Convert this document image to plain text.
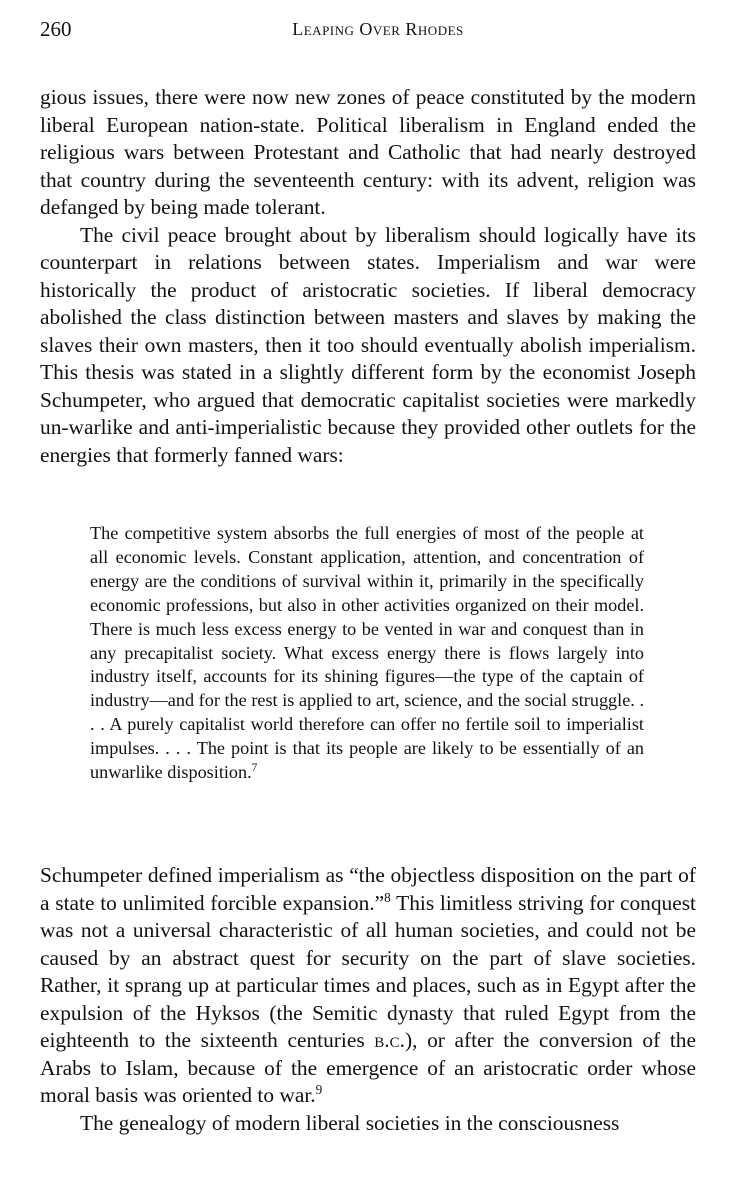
260	Leaping Over Rhodes

gious issues, there were now new zones of peace constituted by the modern liberal European nation-state. Political liberalism in England ended the religious wars between Protestant and Catholic that had nearly destroyed that country during the seventeenth century: with its advent, religion was defanged by being made tolerant.

The civil peace brought about by liberalism should logically have its counterpart in relations between states. Imperialism and war were historically the product of aristocratic societies. If liberal democracy abolished the class distinction between masters and slaves by making the slaves their own masters, then it too should eventually abolish imperialism. This thesis was stated in a slightly different form by the economist Joseph Schumpeter, who argued that democratic capitalist societies were markedly un-warlike and anti-imperialistic because they provided other outlets for the energies that formerly fanned wars:

The competitive system absorbs the full energies of most of the people at all economic levels. Constant application, attention, and concentration of energy are the conditions of survival within it, primarily in the specifically economic professions, but also in other activities organized on their model. There is much less excess energy to be vented in war and conquest than in any precapitalist society. What excess energy there is flows largely into industry itself, accounts for its shining figures—the type of the captain of industry—and for the rest is applied to art, science, and the social struggle. . . . A purely capitalist world therefore can offer no fertile soil to imperialist impulses. . . . The point is that its people are likely to be essentially of an unwarlike disposition.$^7$

Schumpeter defined imperialism as “the objectless disposition on the part of a state to unlimited forcible expansion.”$^8$ This limitless striving for conquest was not a universal characteristic of all human societies, and could not be caused by an abstract quest for security on the part of slave societies. Rather, it sprang up at particular times and places, such as in Egypt after the expulsion of the Hyksos (the Semitic dynasty that ruled Egypt from the eighteenth to the sixteenth centuries b.c.), or after the conversion of the Arabs to Islam, because of the emergence of an aristocratic order whose moral basis was oriented to war.$^9$

The genealogy of modern liberal societies in the consciousness
